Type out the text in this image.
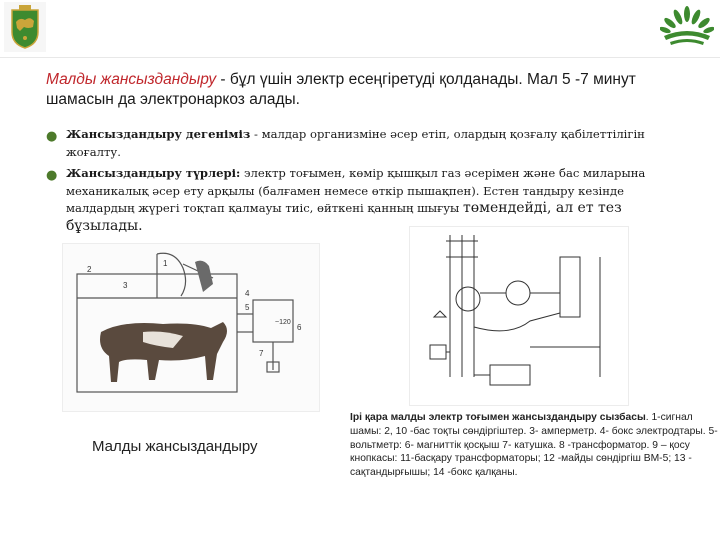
Малды жансыздандыру - бұл үшін электр есеңгіретуді қолданады. Мал 5 -7 минут шамасын да электронаркоз алады.
● Жансыздандыру дегеніміз - малдар организміне әсер етіп, олардың қозғалу қабілеттілігін жоғалту.
● Жансыздандыру түрлері: электр тоғымен, көмір қышқыл газ әсерімен және бас миларына механикалық әсер ету арқылы (балғамен немесе өткір пышақпен). Естен тандыру кезінде малдардың жүрегі тоқтап қалмауы тиіс, өйткені қанның шығуы төмендейді, ал ет тез бұзылады.
2
3
1
4
5
6
7
~120
Малды жансыздандыру
Ірі қара малды электр тоғымен жансыздандыру сызбасы. 1-сигнал шамы: 2, 10 -бас тоқты сөндіргіштер. 3- амперметр. 4- бокс электродтары. 5- вольтметр: 6- магниттік қосқыш 7- катушка. 8 -трансформатор. 9 – қосу кнопкасы: 11-басқару трансформаторы; 12 -майды сөндіргіш ВМ-5; 13 - сақтандырғышы; 14 -бокс қалқаны.
